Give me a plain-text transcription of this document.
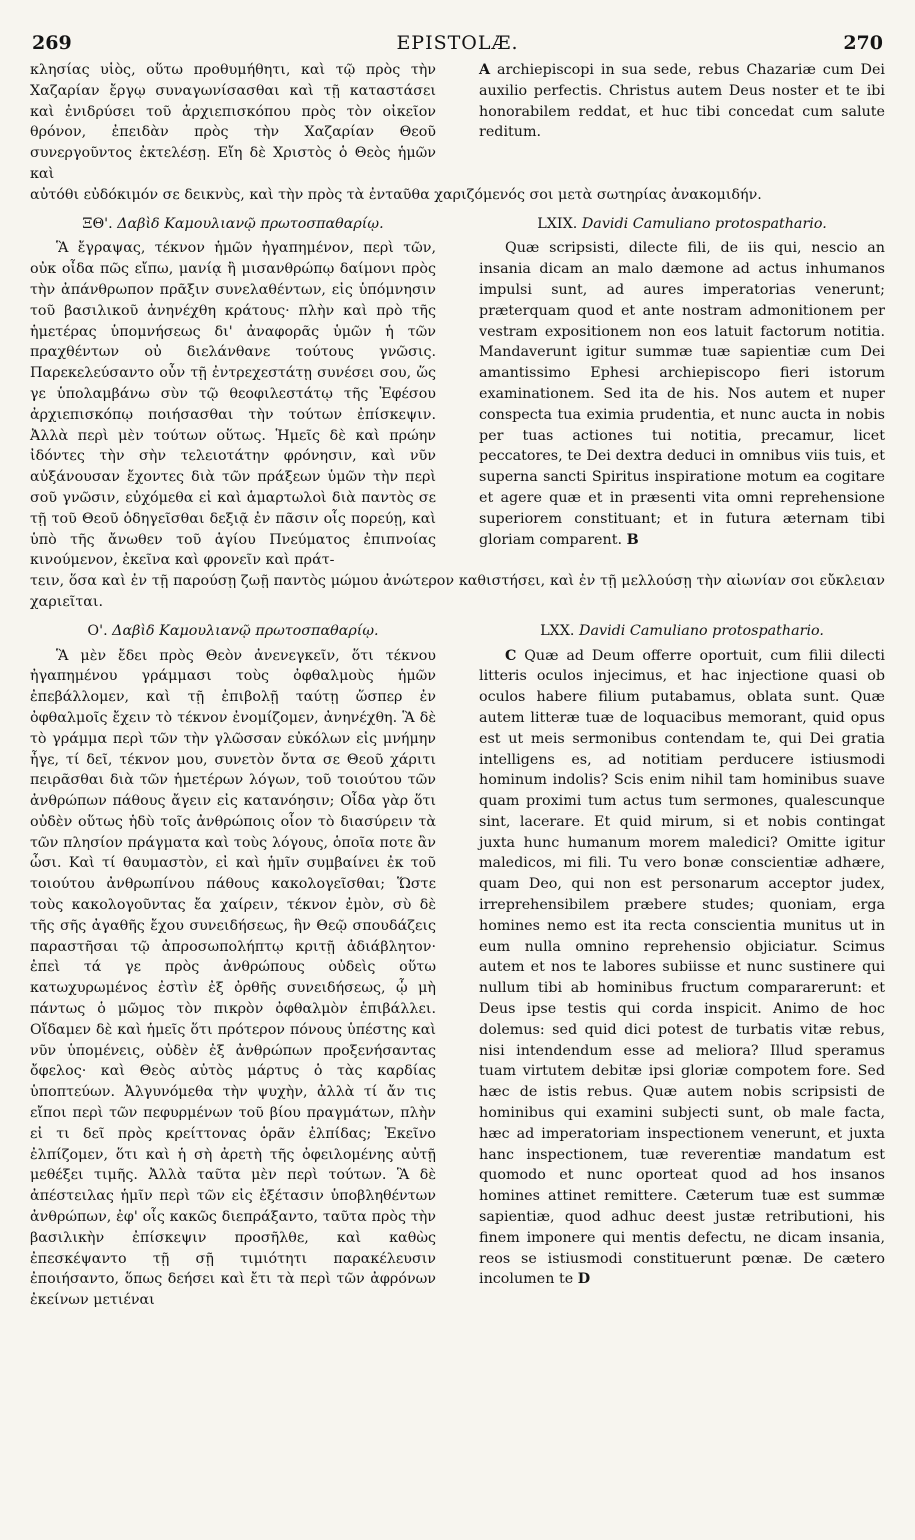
269	EPISTOLÆ.	270

κλησίας υἱὸς, οὕτω προθυμήθητι, καὶ τῷ πρὸς τὴν Χαζαρίαν ἔργῳ συναγωνίσασθαι καὶ τῇ καταστάσει καὶ ἐνιδρύσει τοῦ ἀρχιεπισκόπου πρὸς τὸν οἰκεῖον θρόνον, ἐπειδὰν πρὸς τὴν Χαζαρίαν Θεοῦ συνεργοῦντος ἐκτελέσῃ. Εἴη δὲ Χριστὸς ὁ Θεὸς ἡμῶν καὶ

A archiepiscopi in sua sede, rebus Chazariæ cum Dei auxilio perfectis. Christus autem Deus noster et te ibi honorabilem reddat, et huc tibi concedat cum salute reditum.

αὐτόθι εὐδόκιμόν σε δεικνὺς, καὶ τὴν πρὸς τὰ ἐνταῦθα χαριζόμενός σοι μετὰ σωτηρίας ἀνακομιδήν.
ΞΘ'. Δαβὶδ Καμουλιανῷ πρωτοσπαθαρίῳ.

Ἃ ἔγραψας, τέκνον ἡμῶν ἠγαπημένον, περὶ τῶν, οὐκ οἶδα πῶς εἴπω, μανίᾳ ἢ μισανθρώπῳ δαίμονι πρὸς τὴν ἀπάνθρωπον πρᾶξιν συνελαθέντων, εἰς ὑπόμνησιν τοῦ βασιλικοῦ ἀνηνέχθη κράτους· πλὴν καὶ πρὸ τῆς ἡμετέρας ὑπομνήσεως δι' ἀναφορᾶς ὑμῶν ἡ τῶν πραχθέντων οὐ διελάνθανε τούτους γνῶσις. Παρεκελεύσαντο οὖν τῇ ἐντρεχεστάτῃ συνέσει σου, ὥς γε ὑπολαμβάνω σὺν τῷ θεοφιλεστάτῳ τῆς Ἐφέσου ἀρχιεπισκόπῳ ποιήσασθαι τὴν τούτων ἐπίσκεψιν. Ἀλλὰ περὶ μὲν τούτων οὕτως. Ἡμεῖς δὲ καὶ πρώην ἰδόντες τὴν σὴν τελειοτάτην φρόνησιν, καὶ νῦν αὐξάνουσαν ἔχοντες διὰ τῶν πράξεων ὑμῶν τὴν περὶ σοῦ γνῶσιν, εὐχόμεθα εἰ καὶ ἁμαρτωλοὶ διὰ παντὸς σε τῇ τοῦ Θεοῦ ὁδηγεῖσθαι δεξιᾷ ἐν πᾶσιν οἷς πορεύῃ, καὶ ὑπὸ τῆς ἄνωθεν τοῦ ἁγίου Πνεύματος ἐπιπνοίας κινούμενον, ἐκεῖνα καὶ φρονεῖν καὶ πράτ-

LXIX. Davidi Camuliano protospathario.

Quæ scripsisti, dilecte fili, de iis qui, nescio an insania dicam an malo dæmone ad actus inhumanos impulsi sunt, ad aures imperatorias venerunt; præterquam quod et ante nostram admonitionem per vestram expositionem non eos latuit factorum notitia. Mandaverunt igitur summæ tuæ sapientiæ cum Dei amantissimo Ephesi archiepiscopo fieri istorum examinationem. Sed ita de his. Nos autem et nuper conspecta tua eximia prudentia, et nunc aucta in nobis per tuas actiones tui notitia, precamur, licet peccatores, te Dei dextra deduci in omnibus viis tuis, et superna sancti Spiritus inspiratione motum ea cogitare et agere quæ et in præsenti vita omni reprehensione superiorem constituant; et in futura æternam tibi gloriam comparent. B

τειν, ὅσα καὶ ἐν τῇ παρούσῃ ζωῇ παντὸς μώμου ἀνώτερον καθιστήσει, καὶ ἐν τῇ μελλούσῃ τὴν αἰωνίαν σοι εὔκλειαν χαριεῖται.
Ο'. Δαβὶδ Καμουλιανῷ πρωτοσπαθαρίῳ.

Ἃ μὲν ἔδει πρὸς Θεὸν ἀνενεγκεῖν, ὅτι τέκνου ἠγαπημένου γράμμασι τοὺς ὀφθαλμοὺς ἡμῶν ἐπεβάλλομεν, καὶ τῇ ἐπιβολῇ ταύτῃ ὥσπερ ἐν ὀφθαλμοῖς ἔχειν τὸ τέκνον ἐνομίζομεν, ἀνηνέχθη. Ἃ δὲ τὸ γράμμα περὶ τῶν τὴν γλῶσσαν εὐκόλων εἰς μνήμην ἦγε, τί δεῖ, τέκνον μου, συνετὸν ὄντα σε Θεοῦ χάριτι πειρᾶσθαι διὰ τῶν ἡμετέρων λόγων, τοῦ τοιούτου τῶν ἀνθρώπων πάθους ἄγειν εἰς κατανόησιν; Οἶδα γὰρ ὅτι οὐδὲν οὕτως ἡδὺ τοῖς ἀνθρώποις οἷον τὸ διασύρειν τὰ τῶν πλησίον πράγματα καὶ τοὺς λόγους, ὁποῖα ποτε ἂν ὦσι. Καὶ τί θαυμαστὸν, εἰ καὶ ἡμῖν συμβαίνει ἐκ τοῦ τοιούτου ἀνθρωπίνου πάθους κακολογεῖσθαι; Ὥστε τοὺς κακολογοῦντας ἔα χαίρειν, τέκνον ἐμὸν, σὺ δὲ τῆς σῆς ἀγαθῆς ἔχου συνειδήσεως, ἣν Θεῷ σπουδάζεις παραστῆσαι τῷ ἀπροσωπολήπτῳ κριτῇ ἀδιάβλητον· ἐπεὶ τά γε πρὸς ἀνθρώπους οὐδεὶς οὕτω κατωχυρωμένος ἐστὶν ἐξ ὀρθῆς συνειδήσεως, ᾧ μὴ πάντως ὁ μῶμος τὸν πικρὸν ὀφθαλμὸν ἐπιβάλλει. Οἴδαμεν δὲ καὶ ἡμεῖς ὅτι πρότερον πόνους ὑπέστης καὶ νῦν ὑπομένεις, οὐδὲν ἐξ ἀνθρώπων προξενήσαντας ὄφελος· καὶ Θεὸς αὐτὸς μάρτυς ὁ τὰς καρδίας ὑποπτεύων. Ἀλγυνόμεθα τὴν ψυχὴν, ἀλλὰ τί ἄν τις εἴποι περὶ τῶν πεφυρμένων τοῦ βίου πραγμάτων, πλὴν εἰ τι δεῖ πρὸς κρείττονας ὁρᾶν ἐλπίδας; Ἐκεῖνο ἐλπίζομεν, ὅτι καὶ ἡ σὴ ἀρετὴ τῆς ὀφειλομένης αὐτῇ μεθέξει τιμῆς. Ἀλλὰ ταῦτα μὲν περὶ τούτων. Ἃ δὲ ἀπέστειλας ἡμῖν περὶ τῶν εἰς ἐξέτασιν ὑποβληθέντων ἀνθρώπων, ἐφ' οἷς κακῶς διεπράξαντο, ταῦτα πρὸς τὴν βασιλικὴν ἐπίσκεψιν προσῆλθε, καὶ καθὼς ἐπεσκέψαντο τῇ σῇ τιμιότητι παρακέλευσιν ἐποιήσαντο, ὅπως δεήσει καὶ ἔτι τὰ περὶ τῶν ἀφρόνων ἐκείνων μετιέναι

LXX. Davidi Camuliano protospathario.

C Quæ ad Deum offerre oportuit, cum filii dilecti litteris oculos injecimus, et hac injectione quasi ob oculos habere filium putabamus, oblata sunt. Quæ autem litteræ tuæ de loquacibus memorant, quid opus est ut meis sermonibus contendam te, qui Dei gratia intelligens es, ad notitiam perducere istiusmodi hominum indolis? Scis enim nihil tam hominibus suave quam proximi tum actus tum sermones, qualescunque sint, lacerare. Et quid mirum, si et nobis contingat juxta hunc humanum morem maledici? Omitte igitur maledicos, mi fili. Tu vero bonæ conscientiæ adhære, quam Deo, qui non est personarum acceptor judex, irreprehensibilem præbere studes; quoniam, erga homines nemo est ita recta conscientia munitus ut in eum nulla omnino reprehensio objiciatur. Scimus autem et nos te labores subiisse et nunc sustinere qui nullum tibi ab hominibus fructum compararerunt: et Deus ipse testis qui corda inspicit. Animo de hoc dolemus: sed quid dici potest de turbatis vitæ rebus, nisi intendendum esse ad meliora? Illud speramus tuam virtutem debitæ ipsi gloriæ compotem fore. Sed hæc de istis rebus. Quæ autem nobis scripsisti de hominibus qui examini subjecti sunt, ob male facta, hæc ad imperatoriam inspectionem venerunt, et juxta hanc inspectionem, tuæ reverentiæ mandatum est quomodo et nunc oporteat quod ad hos insanos homines attinet remittere. Cæterum tuæ est summæ sapientiæ, quod adhuc deest justæ retributioni, his finem imponere qui mentis defectu, ne dicam insania, reos se istiusmodi constituerunt pœnæ. De cætero incolumen te D
